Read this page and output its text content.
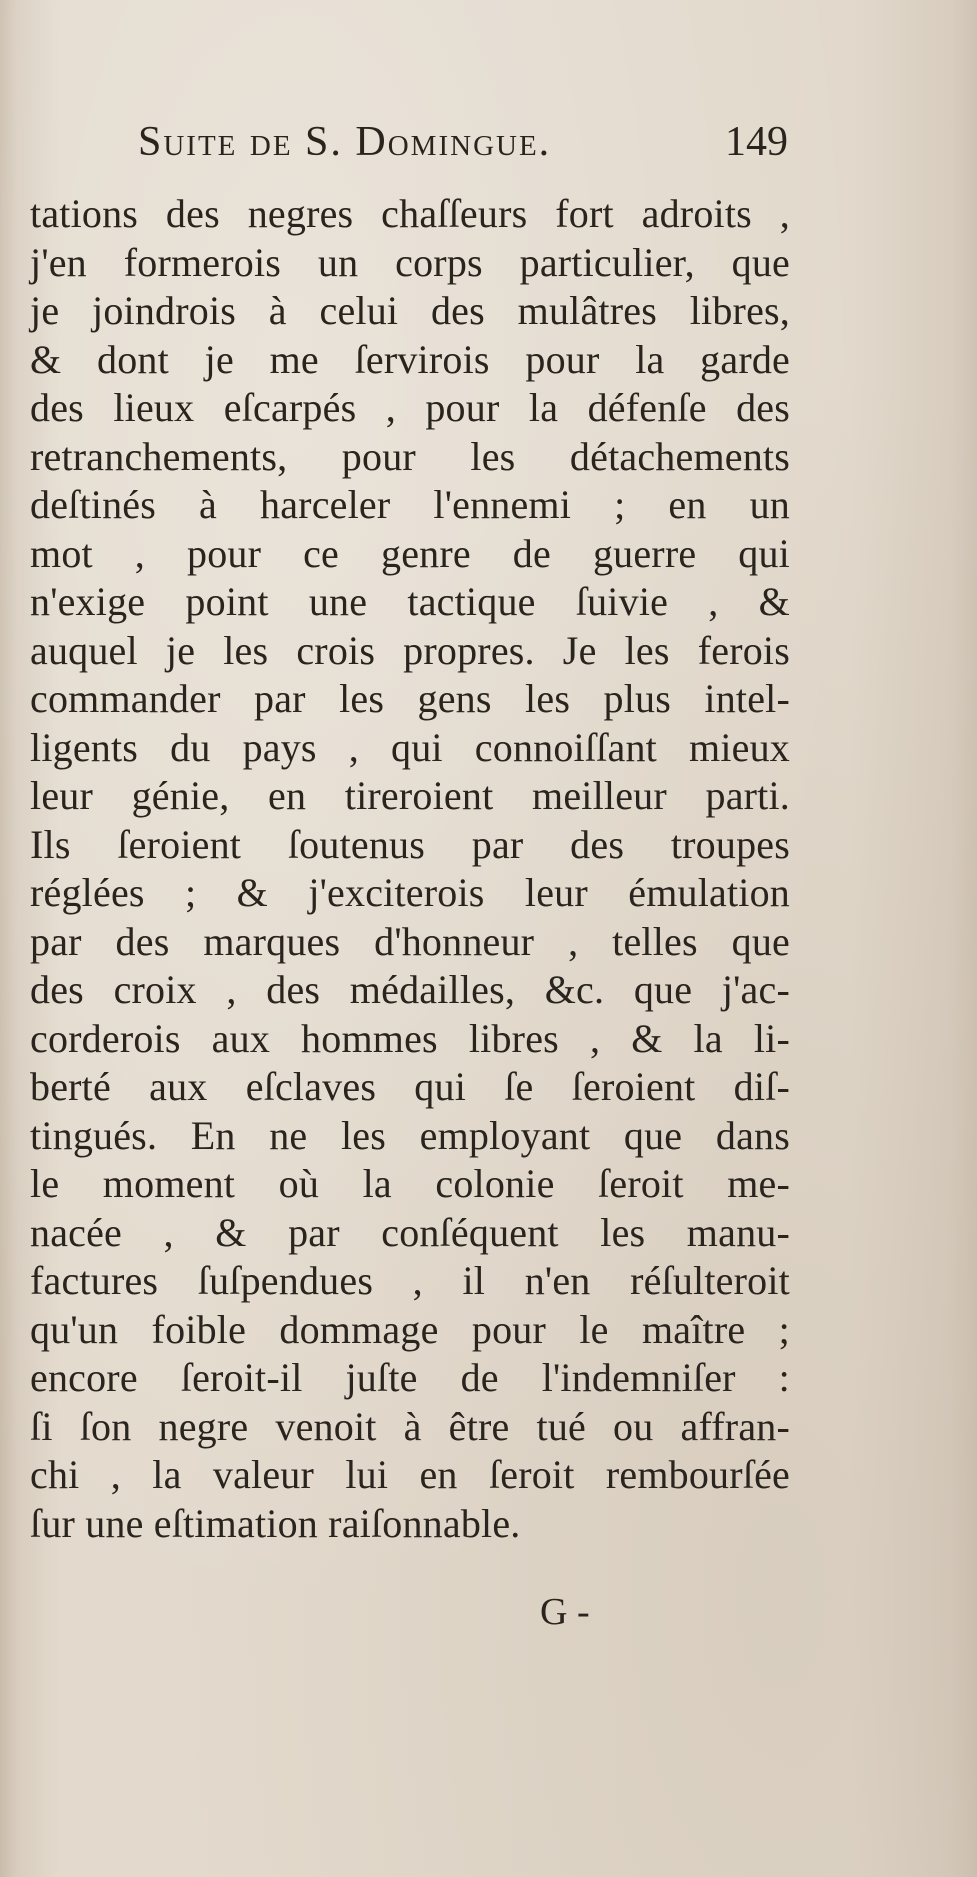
Suite de S. Domingue.	149
tations des negres chaſſeurs fort adroits ,
j'en formerois un corps particulier, que
je joindrois à celui des mulâtres libres,
& dont je me ſervirois pour la garde
des lieux eſcarpés , pour la défenſe des
retranchements, pour les détachements
deſtinés à harceler l'ennemi ; en un
mot , pour ce genre de guerre qui
n'exige point une tactique ſuivie , &
auquel je les crois propres. Je les ferois
commander par les gens les plus intel-
ligents du pays , qui connoiſſant mieux
leur génie, en tireroient meilleur parti.
Ils ſeroient ſoutenus par des troupes
réglées ; & j'exciterois leur émulation
par des marques d'honneur , telles que
des croix , des médailles, &c. que j'ac-
corderois aux hommes libres , & la li-
berté aux eſclaves qui ſe ſeroient diſ-
tingués. En ne les employant que dans
le moment où la colonie ſeroit me-
nacée , & par conſéquent les manu-
factures ſuſpendues , il n'en réſulteroit
qu'un foible dommage pour le maître ;
encore ſeroit-il juſte de l'indemniſer :
ſi ſon negre venoit à être tué ou affran-
chi , la valeur lui en ſeroit rembourſée
ſur une eſtimation raiſonnable.
G -
